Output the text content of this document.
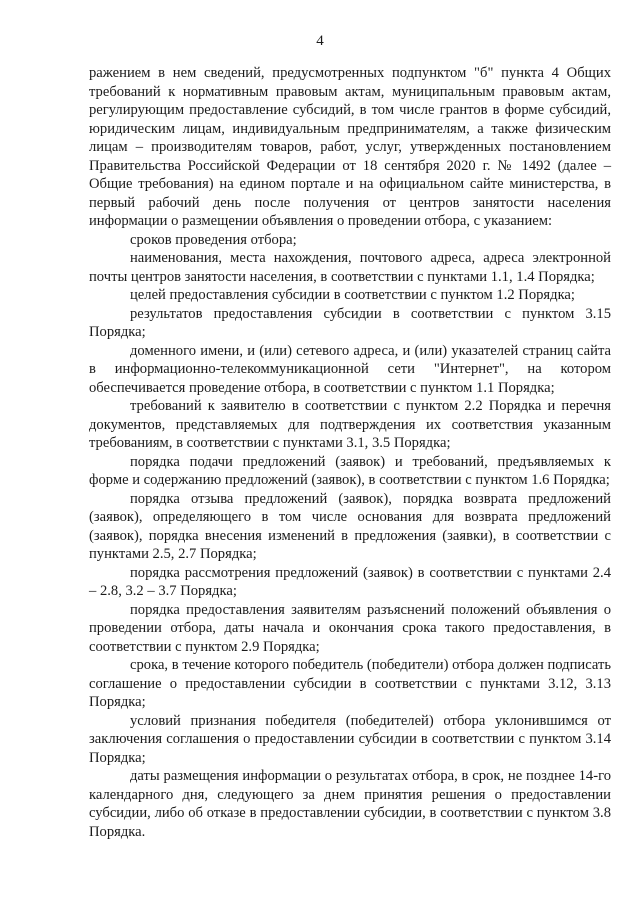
4

ражением в нем сведений, предусмотренных подпунктом "б" пункта 4 Общих требований к нормативным правовым актам, муниципальным правовым актам, регулирующим предоставление субсидий, в том числе грантов в форме субсидий, юридическим лицам, индивидуальным предпринимателям, а также физическим лицам – производителям товаров, работ, услуг, утвержденных постановлением Правительства Российской Федерации от 18 сентября 2020 г. № 1492 (далее – Общие требования) на едином портале и на официальном сайте министерства, в первый рабочий день после получения от центров занятости населения информации о размещении объявления о проведении отбора, с указанием:

сроков проведения отбора;

наименования, места нахождения, почтового адреса, адреса электронной почты центров занятости населения, в соответствии с пунктами 1.1, 1.4 Порядка;

целей предоставления субсидии в соответствии с пунктом 1.2 Порядка;

результатов предоставления субсидии в соответствии с пунктом 3.15 Порядка;

доменного имени, и (или) сетевого адреса, и (или) указателей страниц сайта в информационно-телекоммуникационной сети "Интернет", на котором обеспечивается проведение отбора, в соответствии с пунктом 1.1 Порядка;

требований к заявителю в соответствии с пунктом 2.2 Порядка и перечня документов, представляемых для подтверждения их соответствия указанным требованиям, в соответствии с пунктами 3.1, 3.5 Порядка;

порядка подачи предложений (заявок) и требований, предъявляемых к форме и содержанию предложений (заявок), в соответствии с пунктом 1.6 Порядка;

порядка отзыва предложений (заявок), порядка возврата предложений (заявок), определяющего в том числе основания для возврата предложений (заявок), порядка внесения изменений в предложения (заявки), в соответствии с пунктами 2.5, 2.7 Порядка;

порядка рассмотрения предложений (заявок) в соответствии с пунктами 2.4 – 2.8, 3.2 – 3.7 Порядка;

порядка предоставления заявителям разъяснений положений объявления о проведении отбора, даты начала и окончания срока такого предоставления, в соответствии с пунктом 2.9 Порядка;

срока, в течение которого победитель (победители) отбора должен подписать соглашение о предоставлении субсидии в соответствии с пунктами 3.12, 3.13 Порядка;

условий признания победителя (победителей) отбора уклонившимся от заключения соглашения о предоставлении субсидии в соответствии с пунктом 3.14 Порядка;

даты размещения информации о результатах отбора, в срок, не позднее 14-го календарного дня, следующего за днем принятия решения о предоставлении субсидии, либо об отказе в предоставлении субсидии, в соответствии с пунктом 3.8 Порядка.
